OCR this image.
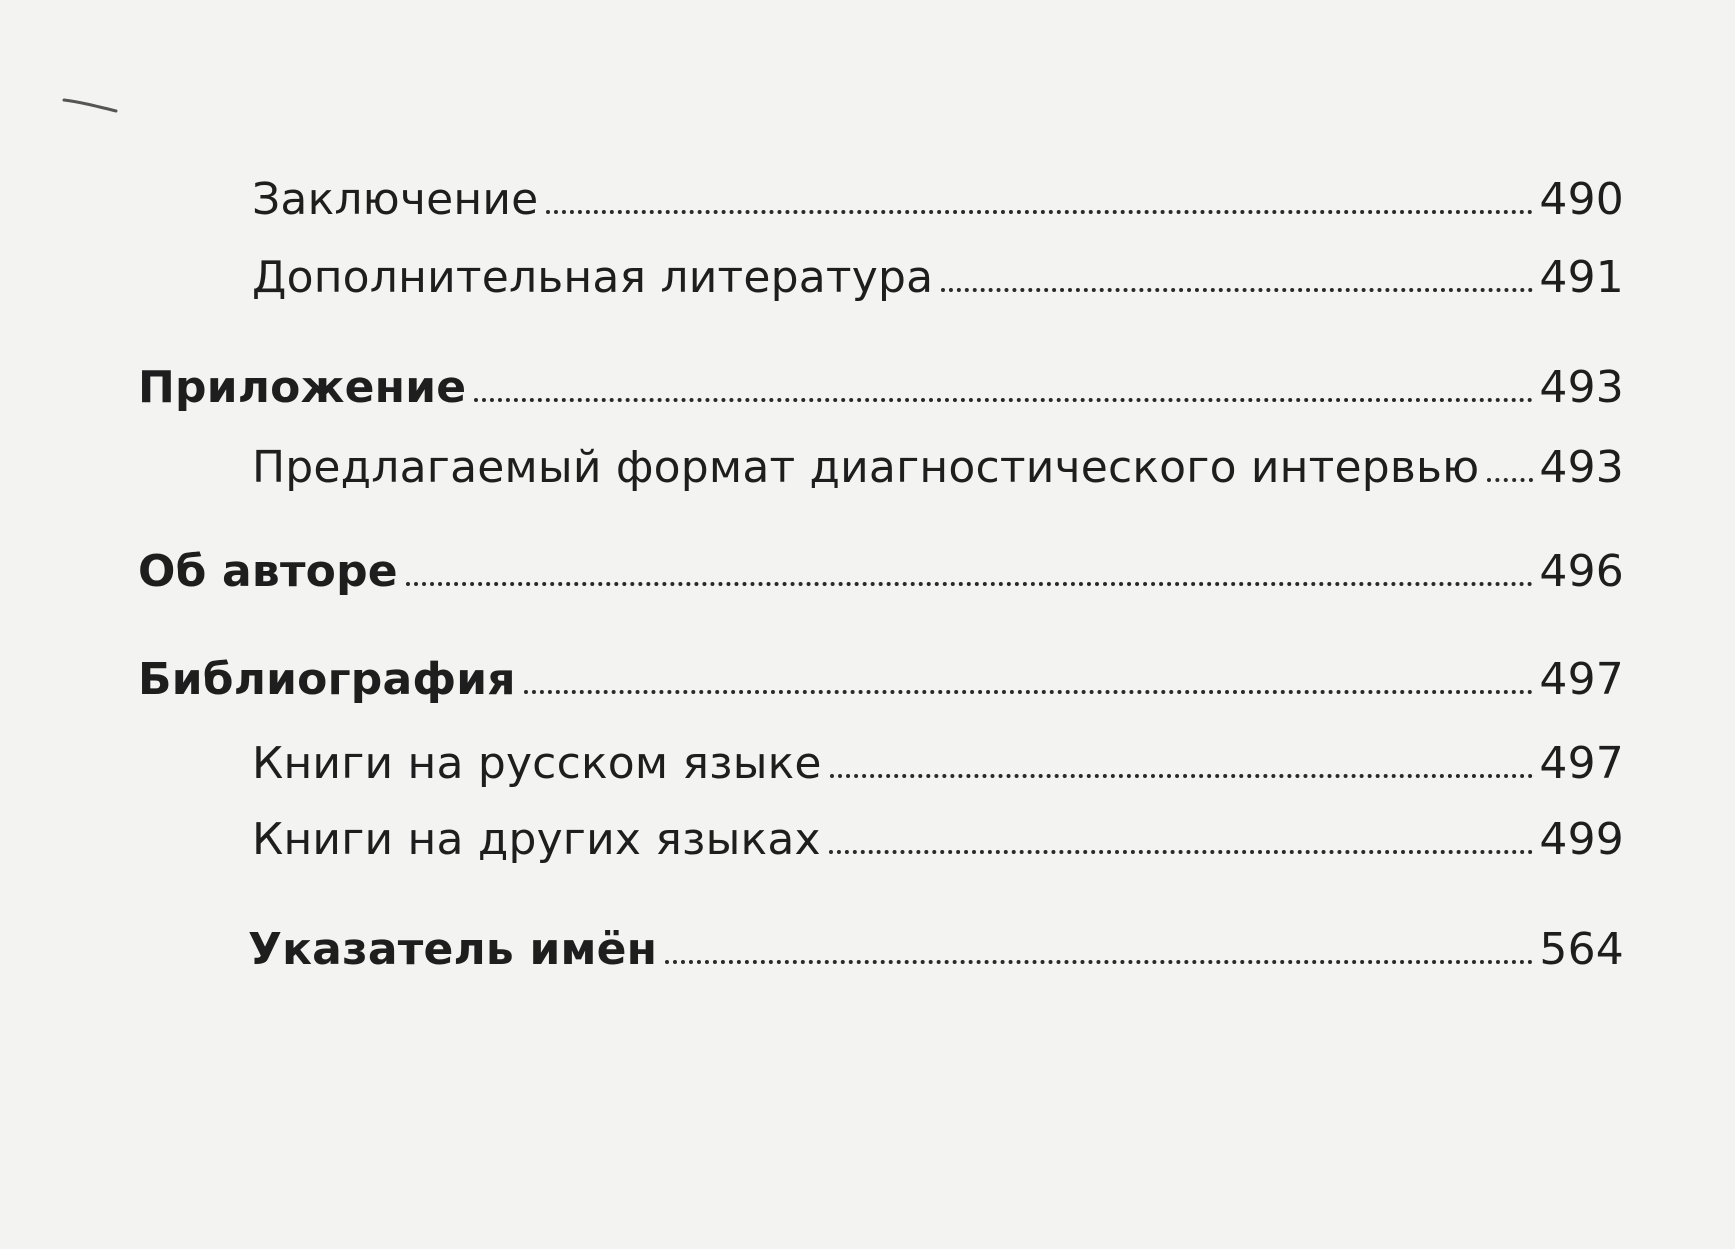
Заключение	490
Дополнительная литература	491
Приложение	493
Предлагаемый формат диагностического интервью 493
Об авторе	496
Библиография	497
Книги на русском языке	497
Книги на других языках	499
Указатель имён	564
